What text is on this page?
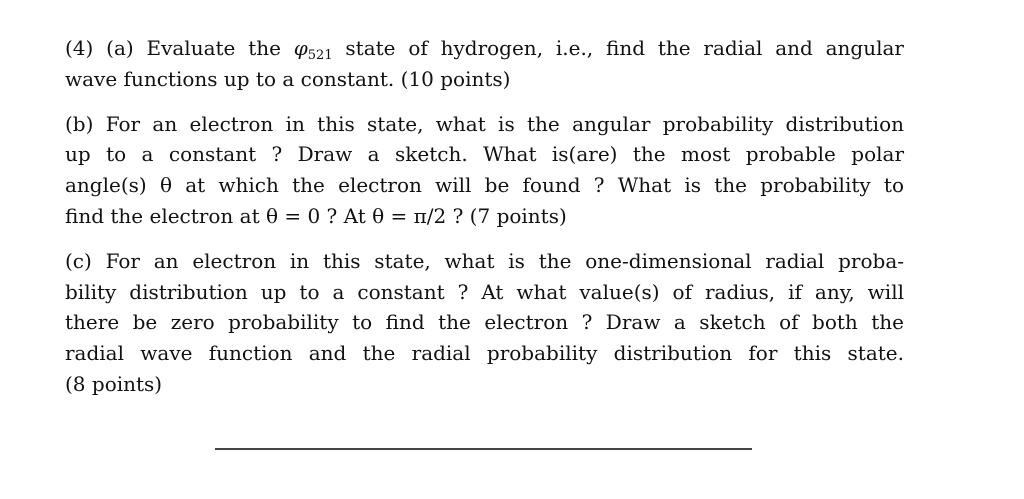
(4) (a) Evaluate the $\varphi_{521}$ state of hydrogen, i.e., find the radial and angular
wave functions up to a constant. (10 points)
(b) For an electron in this state, what is the angular probability distribution
up to a constant ? Draw a sketch. What is(are) the most probable polar
angle(s) θ at which the electron will be found ? What is the probability to
find the electron at θ = 0 ? At θ = π/2 ? (7 points)
(c) For an electron in this state, what is the one-dimensional radial proba-
bility distribution up to a constant ? At what value(s) of radius, if any, will
there be zero probability to find the electron ? Draw a sketch of both the
radial wave function and the radial probability distribution for this state.
(8 points)
